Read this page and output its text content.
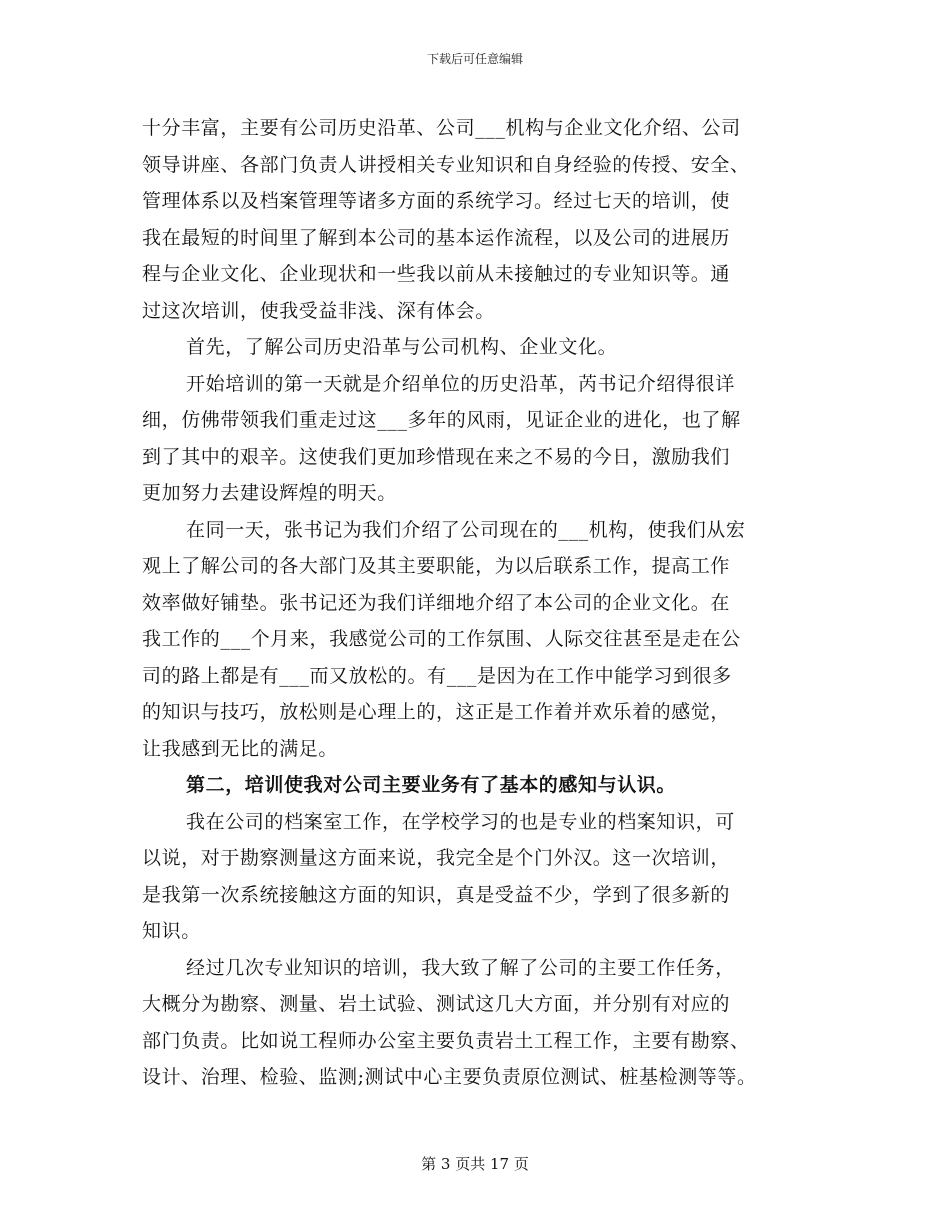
下载后可任意编辑
十分丰富，主要有公司历史沿革、公司___机构与企业文化介绍、公司
领导讲座、各部门负责人讲授相关专业知识和自身经验的传授、安全、
管理体系以及档案管理等诸多方面的系统学习。经过七天的培训，使
我在最短的时间里了解到本公司的基本运作流程，以及公司的进展历
程与企业文化、企业现状和一些我以前从未接触过的专业知识等。通
过这次培训，使我受益非浅、深有体会。
首先，了解公司历史沿革与公司机构、企业文化。
开始培训的第一天就是介绍单位的历史沿革，芮书记介绍得很详
细，仿佛带领我们重走过这___多年的风雨，见证企业的进化，也了解
到了其中的艰辛。这使我们更加珍惜现在来之不易的今日，激励我们
更加努力去建设辉煌的明天。
在同一天，张书记为我们介绍了公司现在的___机构，使我们从宏
观上了解公司的各大部门及其主要职能，为以后联系工作，提高工作
效率做好铺垫。张书记还为我们详细地介绍了本公司的企业文化。在
我工作的___个月来，我感觉公司的工作氛围、人际交往甚至是走在公
司的路上都是有___而又放松的。有___是因为在工作中能学习到很多
的知识与技巧，放松则是心理上的，这正是工作着并欢乐着的感觉，
让我感到无比的满足。
第二，培训使我对公司主要业务有了基本的感知与认识。
我在公司的档案室工作，在学校学习的也是专业的档案知识，可
以说，对于勘察测量这方面来说，我完全是个门外汉。这一次培训，
是我第一次系统接触这方面的知识，真是受益不少，学到了很多新的
知识。
经过几次专业知识的培训，我大致了解了公司的主要工作任务，
大概分为勘察、测量、岩土试验、测试这几大方面，并分别有对应的
部门负责。比如说工程师办公室主要负责岩土工程工作，主要有勘察、
设计、治理、检验、监测;测试中心主要负责原位测试、桩基检测等等。
第 3 页共 17 页
